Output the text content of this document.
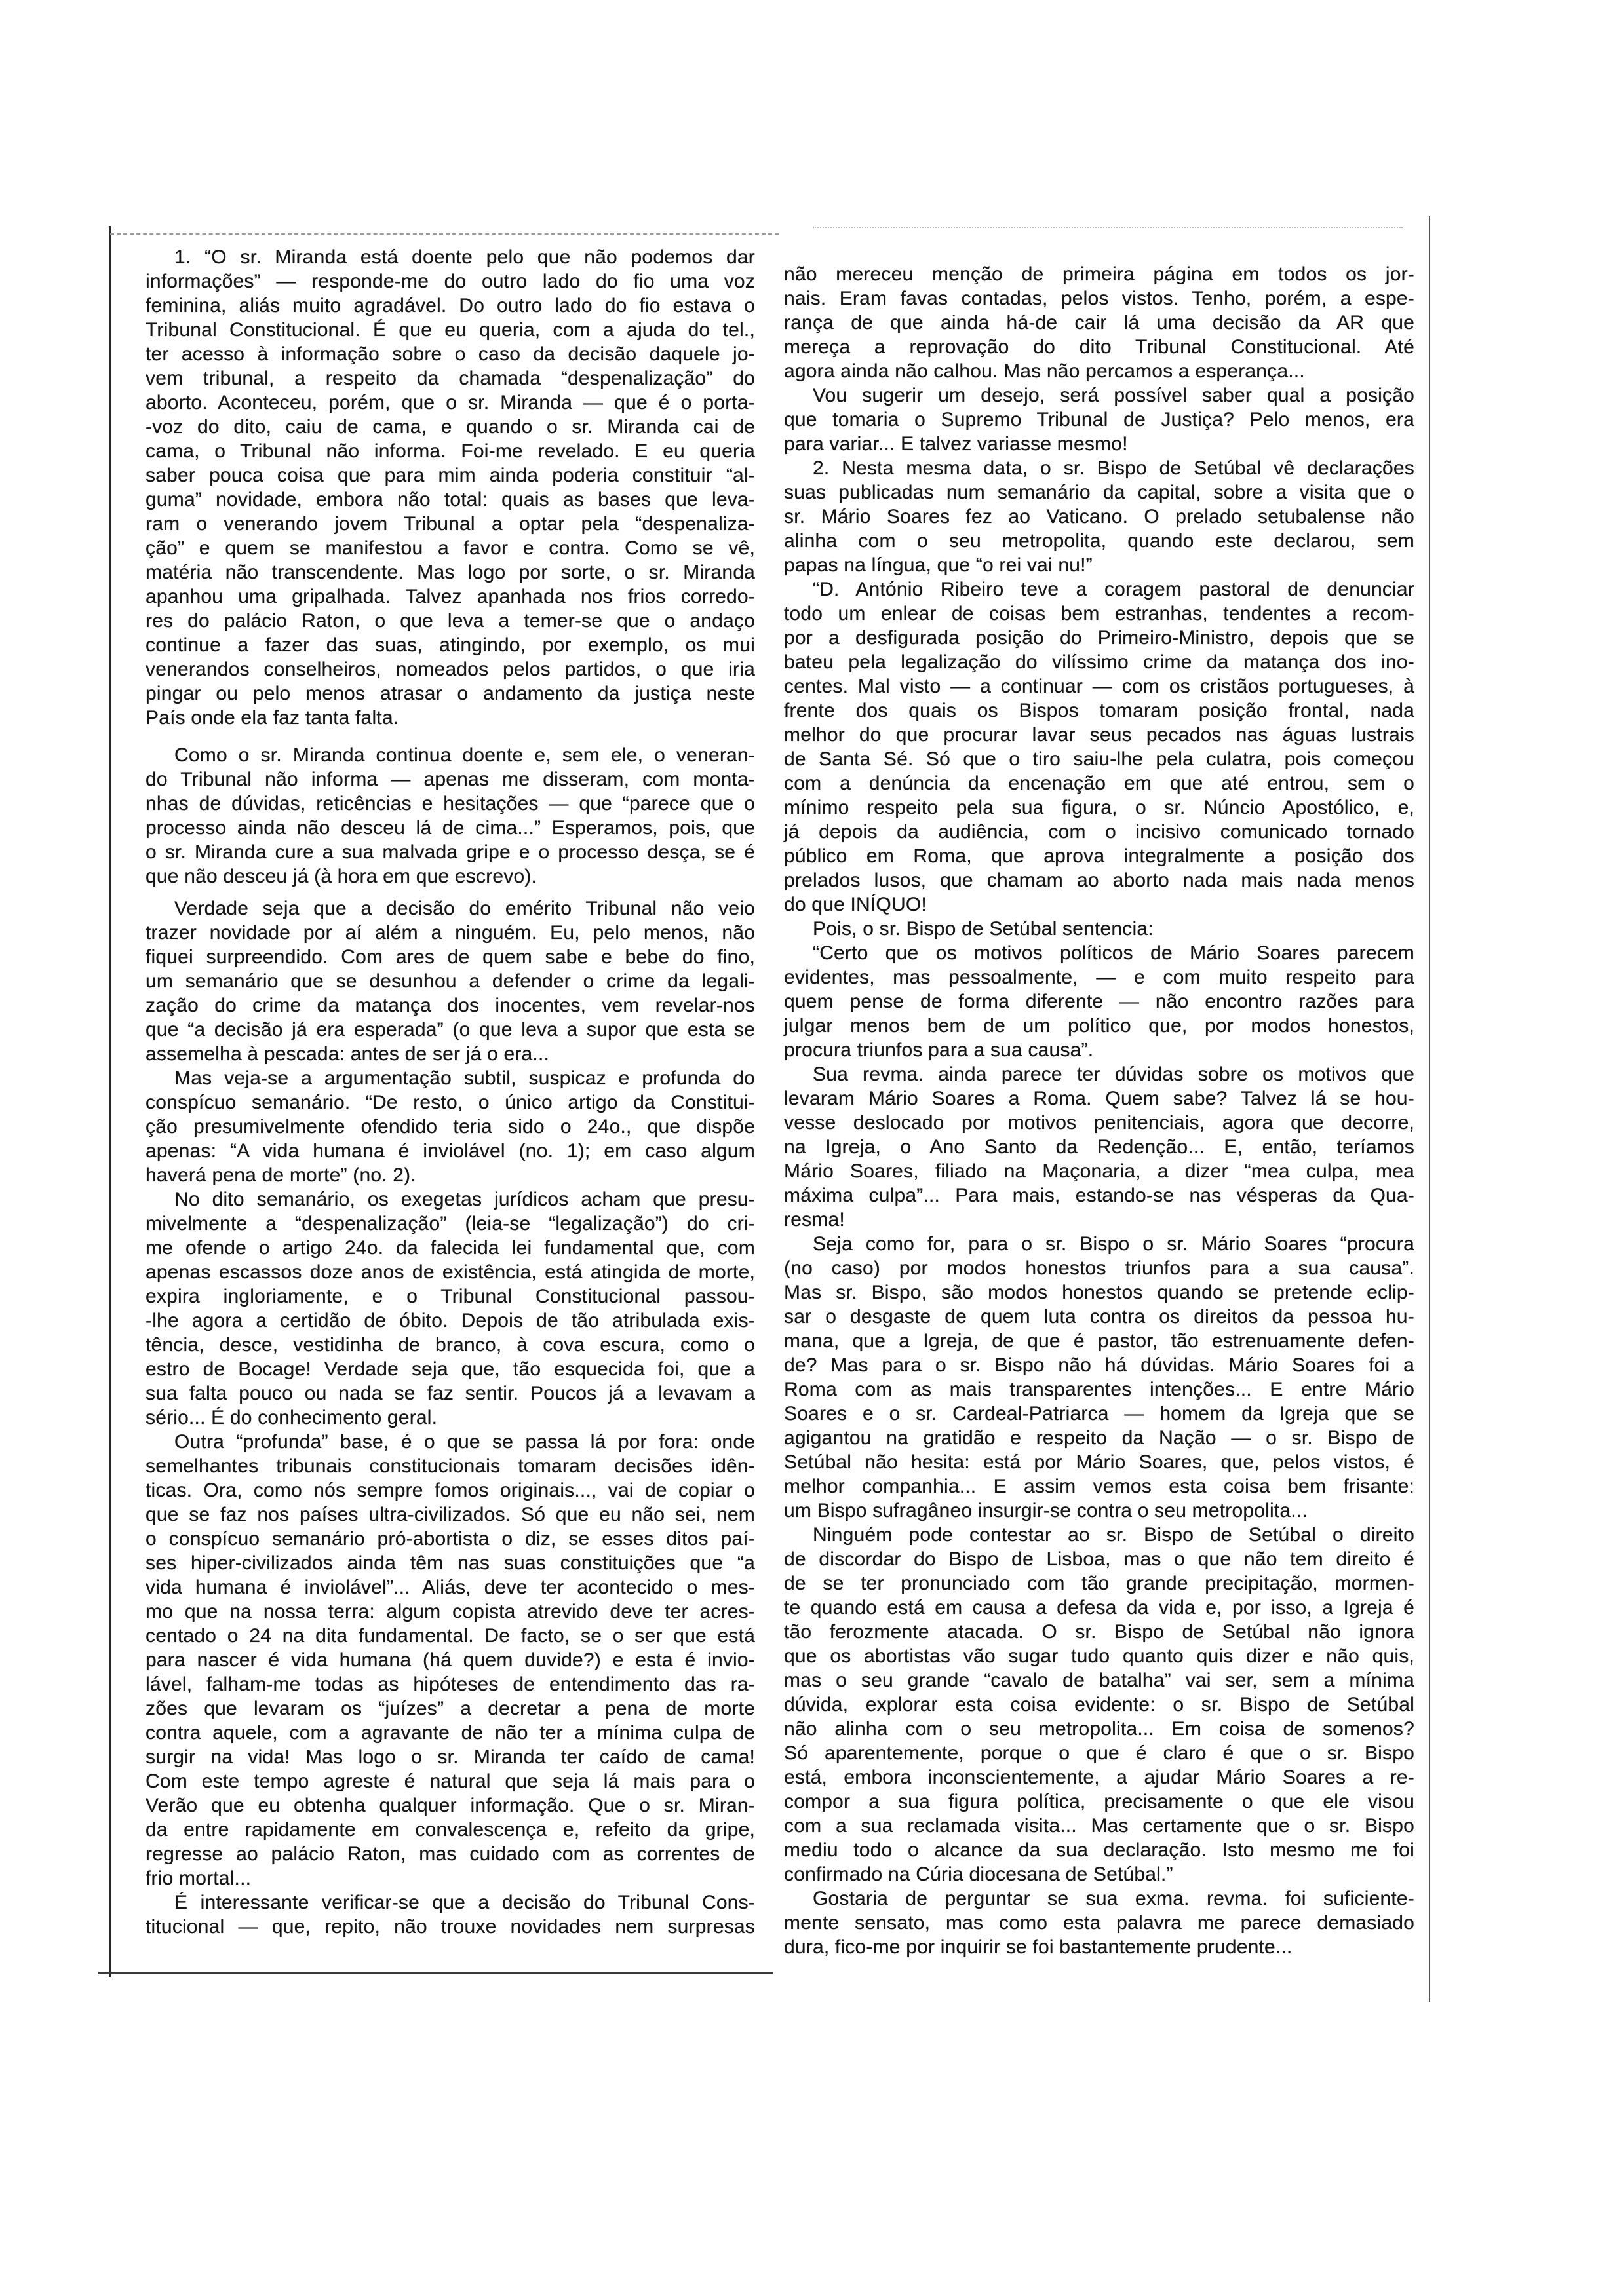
1. “O sr. Miranda está doente pelo que não podemos dar
informações” — responde-me do outro lado do fio uma voz
feminina, aliás muito agradável. Do outro lado do fio estava o
Tribunal Constitucional. É que eu queria, com a ajuda do tel.,
ter acesso à informação sobre o caso da decisão daquele jo-
vem tribunal, a respeito da chamada “despenalização” do
aborto. Aconteceu, porém, que o sr. Miranda — que é o porta-
-voz do dito, caiu de cama, e quando o sr. Miranda cai de
cama, o Tribunal não informa. Foi-me revelado. E eu queria
saber pouca coisa que para mim ainda poderia constituir “al-
guma” novidade, embora não total: quais as bases que leva-
ram o venerando jovem Tribunal a optar pela “despenaliza-
ção” e quem se manifestou a favor e contra. Como se vê,
matéria não transcendente. Mas logo por sorte, o sr. Miranda
apanhou uma gripalhada. Talvez apanhada nos frios corredo-
res do palácio Raton, o que leva a temer-se que o andaço
continue a fazer das suas, atingindo, por exemplo, os mui
venerandos conselheiros, nomeados pelos partidos, o que iria
pingar ou pelo menos atrasar o andamento da justiça neste
País onde ela faz tanta falta.
Como o sr. Miranda continua doente e, sem ele, o veneran-
do Tribunal não informa — apenas me disseram, com monta-
nhas de dúvidas, reticências e hesitações — que “parece que o
processo ainda não desceu lá de cima...” Esperamos, pois, que
o sr. Miranda cure a sua malvada gripe e o processo desça, se é
que não desceu já (à hora em que escrevo).
Verdade seja que a decisão do emérito Tribunal não veio
trazer novidade por aí além a ninguém. Eu, pelo menos, não
fiquei surpreendido. Com ares de quem sabe e bebe do fino,
um semanário que se desunhou a defender o crime da legali-
zação do crime da matança dos inocentes, vem revelar-nos
que “a decisão já era esperada” (o que leva a supor que esta se
assemelha à pescada: antes de ser já o era...
Mas veja-se a argumentação subtil, suspicaz e profunda do
conspícuo semanário. “De resto, o único artigo da Constitui-
ção presumivelmente ofendido teria sido o 24o., que dispõe
apenas: “A vida humana é inviolável (no. 1); em caso algum
haverá pena de morte” (no. 2).
No dito semanário, os exegetas jurídicos acham que presu-
mivelmente a “despenalização” (leia-se “legalização”) do cri-
me ofende o artigo 24o. da falecida lei fundamental que, com
apenas escassos doze anos de existência, está atingida de morte,
expira ingloriamente, e o Tribunal Constitucional passou-
-lhe agora a certidão de óbito. Depois de tão atribulada exis-
tência, desce, vestidinha de branco, à cova escura, como o
estro de Bocage! Verdade seja que, tão esquecida foi, que a
sua falta pouco ou nada se faz sentir. Poucos já a levavam a
sério... É do conhecimento geral.
Outra “profunda” base, é o que se passa lá por fora: onde
semelhantes tribunais constitucionais tomaram decisões idên-
ticas. Ora, como nós sempre fomos originais..., vai de copiar o
que se faz nos países ultra-civilizados. Só que eu não sei, nem
o conspícuo semanário pró-abortista o diz, se esses ditos paí-
ses hiper-civilizados ainda têm nas suas constituições que “a
vida humana é inviolável”... Aliás, deve ter acontecido o mes-
mo que na nossa terra: algum copista atrevido deve ter acres-
centado o 24 na dita fundamental. De facto, se o ser que está
para nascer é vida humana (há quem duvide?) e esta é invio-
lável, falham-me todas as hipóteses de entendimento das ra-
zões que levaram os “juízes” a decretar a pena de morte
contra aquele, com a agravante de não ter a mínima culpa de
surgir na vida! Mas logo o sr. Miranda ter caído de cama!
Com este tempo agreste é natural que seja lá mais para o
Verão que eu obtenha qualquer informação. Que o sr. Miran-
da entre rapidamente em convalescença e, refeito da gripe,
regresse ao palácio Raton, mas cuidado com as correntes de
frio mortal...
É interessante verificar-se que a decisão do Tribunal Cons-
titucional — que, repito, não trouxe novidades nem surpresas
não mereceu menção de primeira página em todos os jor-
nais. Eram favas contadas, pelos vistos. Tenho, porém, a espe-
rança de que ainda há-de cair lá uma decisão da AR que
mereça a reprovação do dito Tribunal Constitucional. Até
agora ainda não calhou. Mas não percamos a esperança...
Vou sugerir um desejo, será possível saber qual a posição
que tomaria o Supremo Tribunal de Justiça? Pelo menos, era
para variar... E talvez variasse mesmo!
2. Nesta mesma data, o sr. Bispo de Setúbal vê declarações
suas publicadas num semanário da capital, sobre a visita que o
sr. Mário Soares fez ao Vaticano. O prelado setubalense não
alinha com o seu metropolita, quando este declarou, sem
papas na língua, que “o rei vai nu!”
“D. António Ribeiro teve a coragem pastoral de denunciar
todo um enlear de coisas bem estranhas, tendentes a recom-
por a desfigurada posição do Primeiro-Ministro, depois que se
bateu pela legalização do vilíssimo crime da matança dos ino-
centes. Mal visto — a continuar — com os cristãos portugueses, à
frente dos quais os Bispos tomaram posição frontal, nada
melhor do que procurar lavar seus pecados nas águas lustrais
de Santa Sé. Só que o tiro saiu-lhe pela culatra, pois começou
com a denúncia da encenação em que até entrou, sem o
mínimo respeito pela sua figura, o sr. Núncio Apostólico, e,
já depois da audiência, com o incisivo comunicado tornado
público em Roma, que aprova integralmente a posição dos
prelados lusos, que chamam ao aborto nada mais nada menos
do que INÍQUO!
Pois, o sr. Bispo de Setúbal sentencia:
“Certo que os motivos políticos de Mário Soares parecem
evidentes, mas pessoalmente, — e com muito respeito para
quem pense de forma diferente — não encontro razões para
julgar menos bem de um político que, por modos honestos,
procura triunfos para a sua causa”.
Sua revma. ainda parece ter dúvidas sobre os motivos que
levaram Mário Soares a Roma. Quem sabe? Talvez lá se hou-
vesse deslocado por motivos penitenciais, agora que decorre,
na Igreja, o Ano Santo da Redenção... E, então, teríamos
Mário Soares, filiado na Maçonaria, a dizer “mea culpa, mea
máxima culpa”... Para mais, estando-se nas vésperas da Qua-
resma!
Seja como for, para o sr. Bispo o sr. Mário Soares “procura
(no caso) por modos honestos triunfos para a sua causa”.
Mas sr. Bispo, são modos honestos quando se pretende eclip-
sar o desgaste de quem luta contra os direitos da pessoa hu-
mana, que a Igreja, de que é pastor, tão estrenuamente defen-
de? Mas para o sr. Bispo não há dúvidas. Mário Soares foi a
Roma com as mais transparentes intenções... E entre Mário
Soares e o sr. Cardeal-Patriarca — homem da Igreja que se
agigantou na gratidão e respeito da Nação — o sr. Bispo de
Setúbal não hesita: está por Mário Soares, que, pelos vistos, é
melhor companhia... E assim vemos esta coisa bem frisante:
um Bispo sufragâneo insurgir-se contra o seu metropolita...
Ninguém pode contestar ao sr. Bispo de Setúbal o direito
de discordar do Bispo de Lisboa, mas o que não tem direito é
de se ter pronunciado com tão grande precipitação, mormen-
te quando está em causa a defesa da vida e, por isso, a Igreja é
tão ferozmente atacada. O sr. Bispo de Setúbal não ignora
que os abortistas vão sugar tudo quanto quis dizer e não quis,
mas o seu grande “cavalo de batalha” vai ser, sem a mínima
dúvida, explorar esta coisa evidente: o sr. Bispo de Setúbal
não alinha com o seu metropolita... Em coisa de somenos?
Só aparentemente, porque o que é claro é que o sr. Bispo
está, embora inconscientemente, a ajudar Mário Soares a re-
compor a sua figura política, precisamente o que ele visou
com a sua reclamada visita... Mas certamente que o sr. Bispo
mediu todo o alcance da sua declaração. Isto mesmo me foi
confirmado na Cúria diocesana de Setúbal.”
Gostaria de perguntar se sua exma. revma. foi suficiente-
mente sensato, mas como esta palavra me parece demasiado
dura, fico-me por inquirir se foi bastantemente prudente...
